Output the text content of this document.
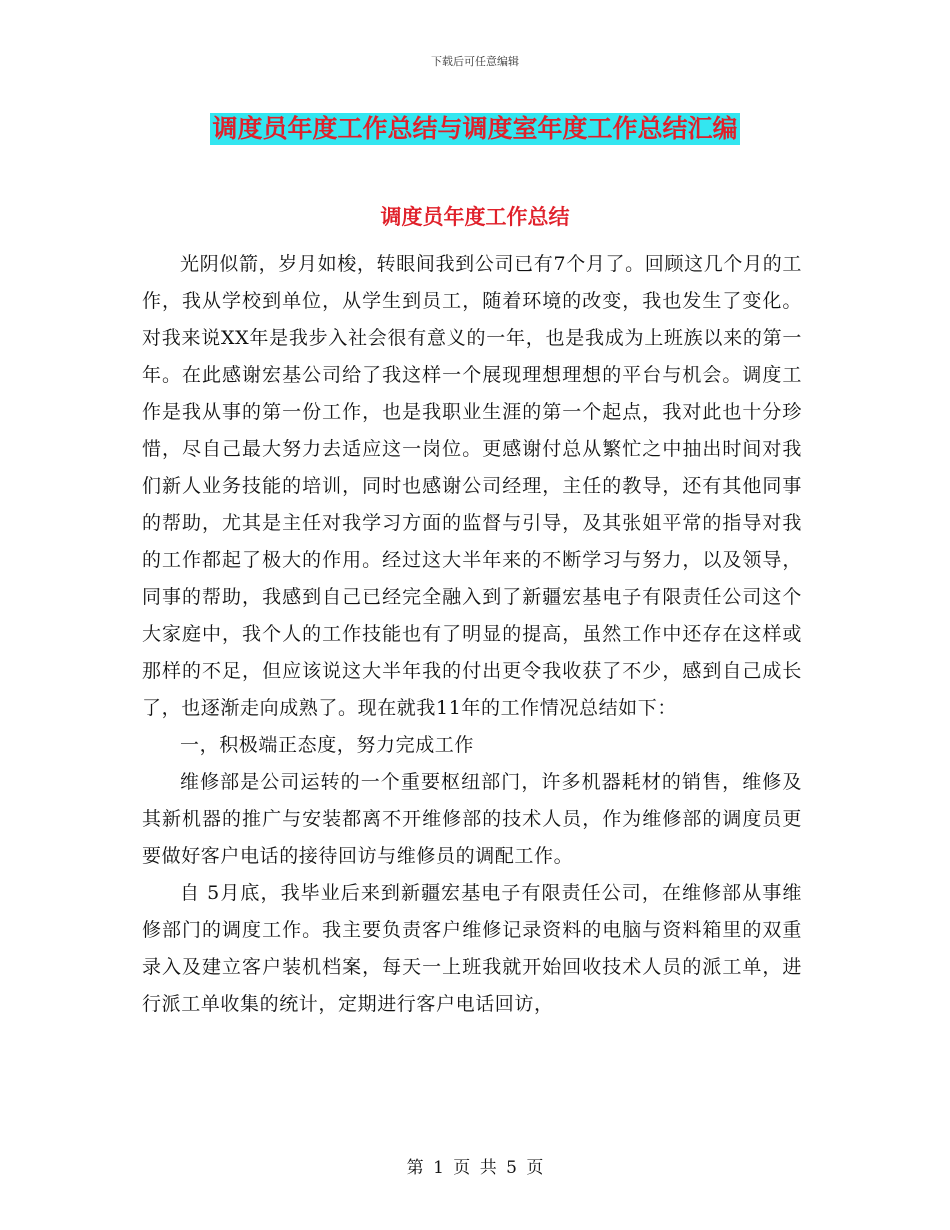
下载后可任意编辑
调度员年度工作总结与调度室年度工作总结汇编
调度员年度工作总结

光阴似箭，岁月如梭，转眼间我到公司已有7个月了。回顾这几个月的工作，我从学校到单位，从学生到员工，随着环境的改变，我也发生了变化。对我来说XX年是我步入社会很有意义的一年，也是我成为上班族以来的第一年。在此感谢宏基公司给了我这样一个展现理想理想的平台与机会。调度工作是我从事的第一份工作，也是我职业生涯的第一个起点，我对此也十分珍惜，尽自己最大努力去适应这一岗位。更感谢付总从繁忙之中抽出时间对我们新人业务技能的培训，同时也感谢公司经理，主任的教导，还有其他同事的帮助，尤其是主任对我学习方面的监督与引导，及其张姐平常的指导对我的工作都起了极大的作用。经过这大半年来的不断学习与努力，以及领导，同事的帮助，我感到自己已经完全融入到了新疆宏基电子有限责任公司这个大家庭中，我个人的工作技能也有了明显的提高，虽然工作中还存在这样或那样的不足，但应该说这大半年我的付出更令我收获了不少，感到自己成长了，也逐渐走向成熟了。现在就我11年的工作情况总结如下：

一，积极端正态度，努力完成工作

维修部是公司运转的一个重要枢纽部门，许多机器耗材的销售，维修及其新机器的推广与安装都离不开维修部的技术人员，作为维修部的调度员更要做好客户电话的接待回访与维修员的调配工作。

自 5月底，我毕业后来到新疆宏基电子有限责任公司，在维修部从事维修部门的调度工作。我主要负责客户维修记录资料的电脑与资料箱里的双重录入及建立客户装机档案，每天一上班我就开始回收技术人员的派工单，进行派工单收集的统计，定期进行客户电话回访，

第 1 页 共 5 页
